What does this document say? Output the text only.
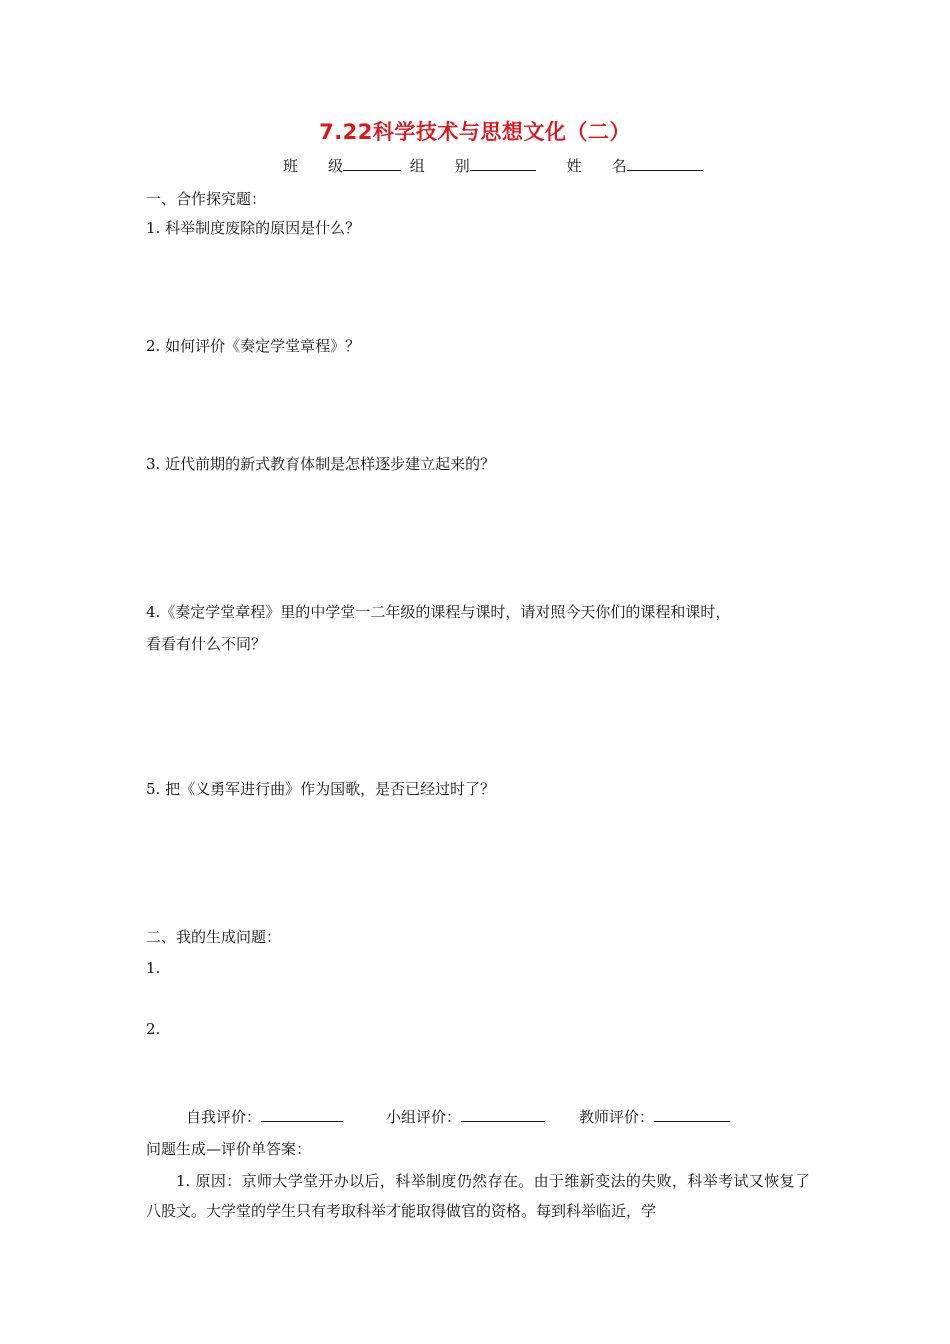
7.22科学技术与思想文化（二）
班　　级	组　　别	姓　　名
一、合作探究题：
1. 科举制度废除的原因是什么？
2. 如何评价《奏定学堂章程》？
3. 近代前期的新式教育体制是怎样逐步建立起来的？
4.《奏定学堂章程》里的中学堂一二年级的课程与课时，请对照今天你们的课程和课时，
看看有什么不同？
5. 把《义勇军进行曲》作为国歌，是否已经过时了？
二、我的生成问题：
1.
2.
自我评价：	小组评价：	教师评价：
问题生成—评价单答案：
1. 原因：京师大学堂开办以后，科举制度仍然存在。由于维新变法的失败，科举考试又恢复了八股文。大学堂的学生只有考取科举才能取得做官的资格。每到科举临近，学
